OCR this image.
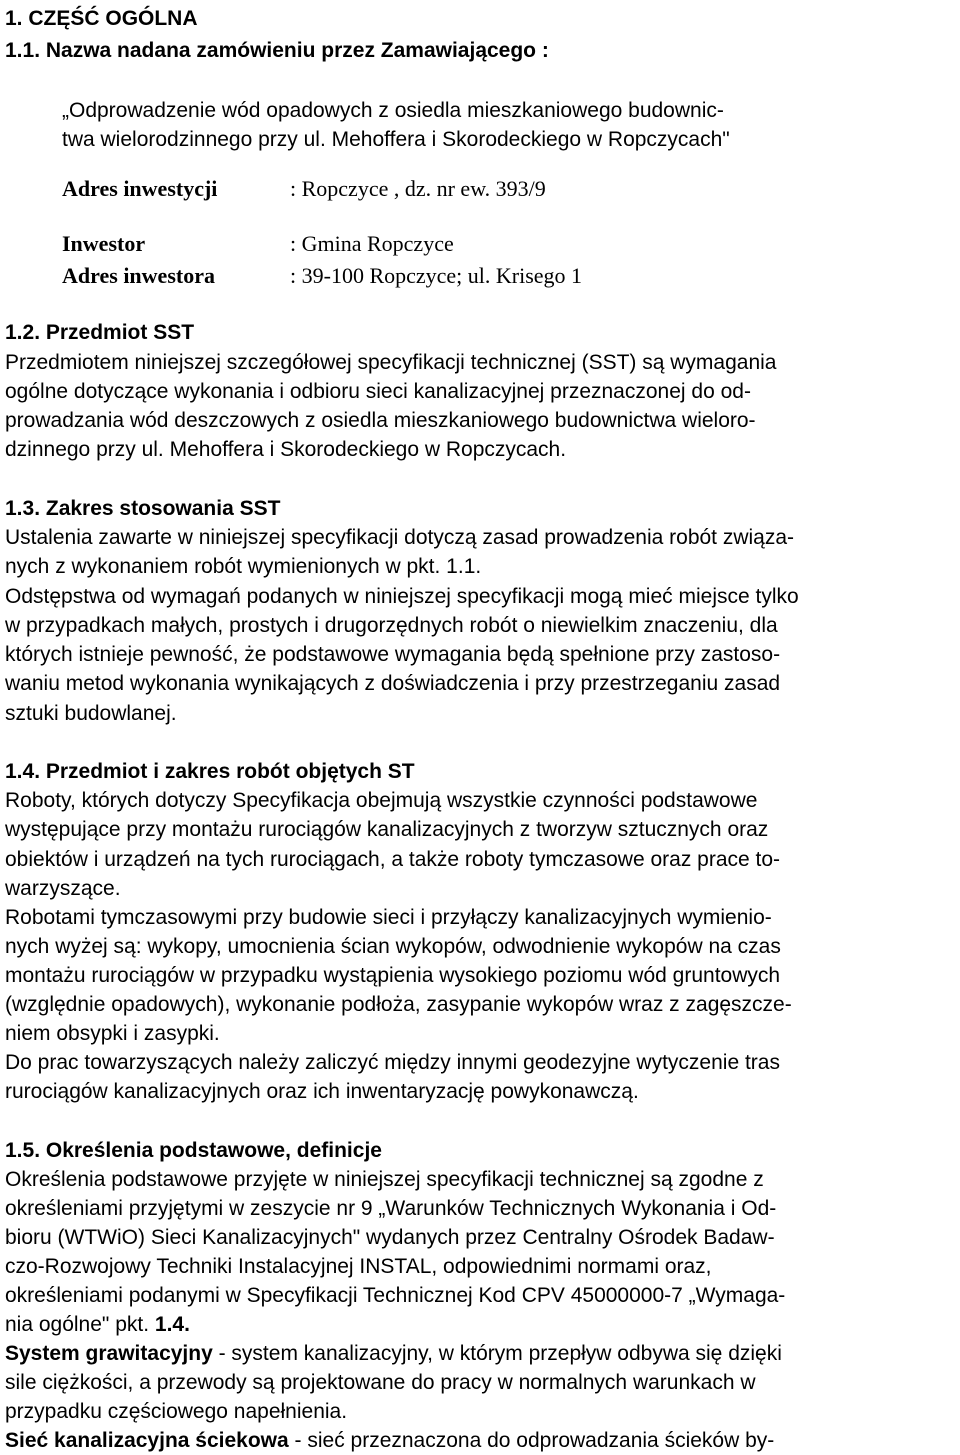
1. CZĘŚĆ OGÓLNA
1.1. Nazwa nadana zamówieniu przez Zamawiającego :
„Odprowadzenie wód opadowych z osiedla mieszkaniowego budownic-
twa wielorodzinnego przy ul. Mehoffera i Skorodeckiego w Ropczycach"
Adres inwestycji	: Ropczyce , dz. nr ew. 393/9
Inwestor	: Gmina Ropczyce
Adres inwestora	: 39-100 Ropczyce; ul. Krisego 1
1.2. Przedmiot SST
Przedmiotem niniejszej szczegółowej specyfikacji technicznej (SST) są wymagania
ogólne dotyczące wykonania i odbioru sieci kanalizacyjnej przeznaczonej do od-
prowadzania wód deszczowych z osiedla mieszkaniowego budownictwa wieloro-
dzinnego przy ul. Mehoffera i Skorodeckiego w Ropczycach.
1.3. Zakres stosowania SST
Ustalenia zawarte w niniejszej specyfikacji dotyczą zasad prowadzenia robót związa-
nych z wykonaniem robót wymienionych w pkt. 1.1.
Odstępstwa od wymagań podanych w niniejszej specyfikacji mogą mieć miejsce tylko
w przypadkach małych, prostych i drugorzędnych robót o niewielkim znaczeniu, dla
których istnieje pewność, że podstawowe wymagania będą spełnione przy zastoso-
waniu metod wykonania wynikających z doświadczenia i przy przestrzeganiu zasad
sztuki budowlanej.
1.4. Przedmiot i zakres robót objętych ST
Roboty, których dotyczy Specyfikacja obejmują wszystkie czynności podstawowe
występujące przy montażu rurociągów kanalizacyjnych z tworzyw sztucznych oraz
obiektów i urządzeń na tych rurociągach, a także roboty tymczasowe oraz prace to-
warzyszące.
Robotami tymczasowymi przy budowie sieci i przyłączy kanalizacyjnych wymienio-
nych wyżej są: wykopy, umocnienia ścian wykopów, odwodnienie wykopów na czas
montażu rurociągów w przypadku wystąpienia wysokiego poziomu wód gruntowych
(względnie opadowych), wykonanie podłoża, zasypanie wykopów wraz z zagęszcze-
niem obsypki i zasypki.
Do prac towarzyszących należy zaliczyć między innymi geodezyjne wytyczenie tras
rurociągów kanalizacyjnych oraz ich inwentaryzację powykonawczą.
1.5. Określenia podstawowe, definicje
Określenia podstawowe przyjęte w niniejszej specyfikacji technicznej są zgodne z
określeniami przyjętymi w zeszycie nr 9 „Warunków Technicznych Wykonania i Od-
bioru (WTWiO) Sieci Kanalizacyjnych" wydanych przez Centralny Ośrodek Badaw-
czo-Rozwojowy Techniki Instalacyjnej INSTAL, odpowiednimi normami oraz,
określeniami podanymi w Specyfikacji Technicznej Kod CPV 45000000-7 „Wymaga-
nia ogólne" pkt. 1.4.
System grawitacyjny - system kanalizacyjny, w którym przepływ odbywa się dzięki
sile ciężkości, a przewody są projektowane do pracy w normalnych warunkach w
przypadku częściowego napełnienia.
Sieć kanalizacyjna ściekowa - sieć przeznaczona do odprowadzania ścieków by-
